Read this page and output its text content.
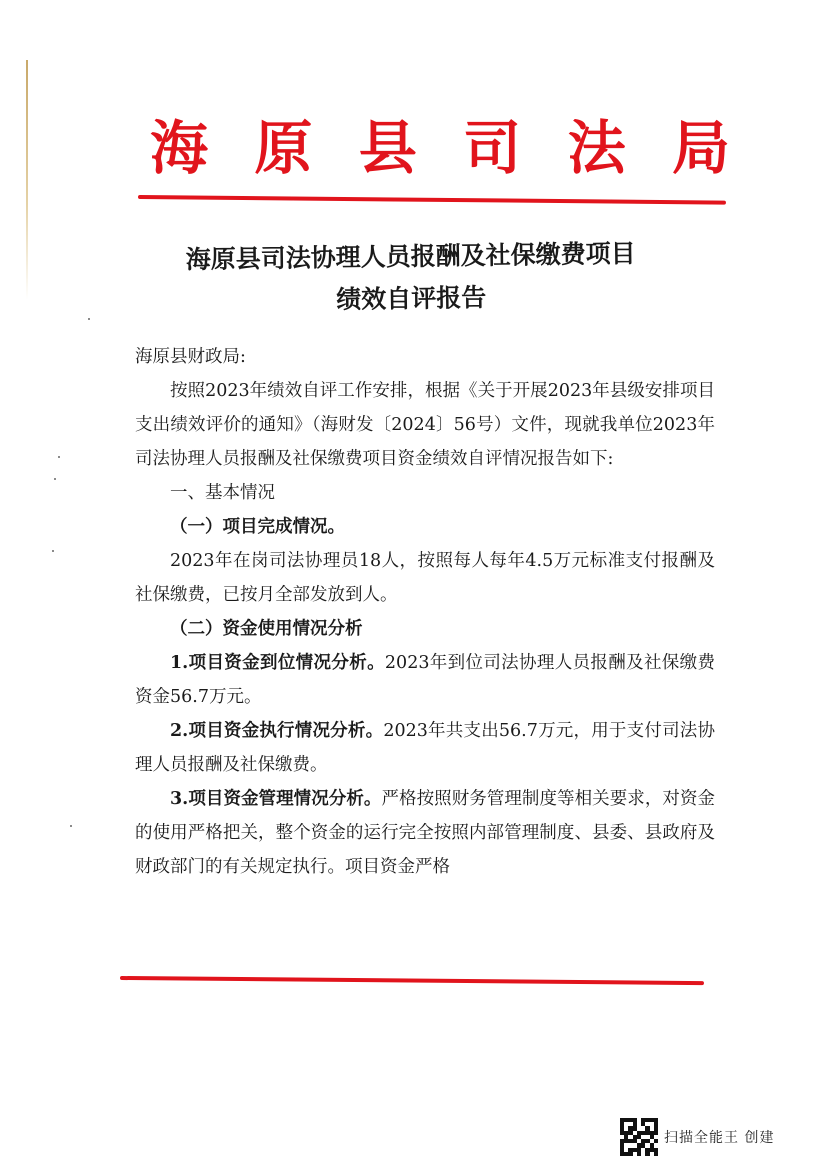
海 原 县 司 法 局
海原县司法协理人员报酬及社保缴费项目
绩效自评报告

海原县财政局:

按照2023年绩效自评工作安排，根据《关于开展2023年县级安排项目支出绩效评价的通知》（海财发〔2024〕56号）文件，现就我单位2023年司法协理人员报酬及社保缴费项目资金绩效自评情况报告如下:

一、基本情况

（一）项目完成情况。

2023年在岗司法协理员18人，按照每人每年4.5万元标准支付报酬及社保缴费，已按月全部发放到人。

（二）资金使用情况分析

1.项目资金到位情况分析。2023年到位司法协理人员报酬及社保缴费资金56.7万元。

2.项目资金执行情况分析。2023年共支出56.7万元，用于支付司法协理人员报酬及社保缴费。

3.项目资金管理情况分析。严格按照财务管理制度等相关要求，对资金的使用严格把关，整个资金的运行完全按照内部管理制度、县委、县政府及财政部门的有关规定执行。项目资金严格

扫描全能王 创建
